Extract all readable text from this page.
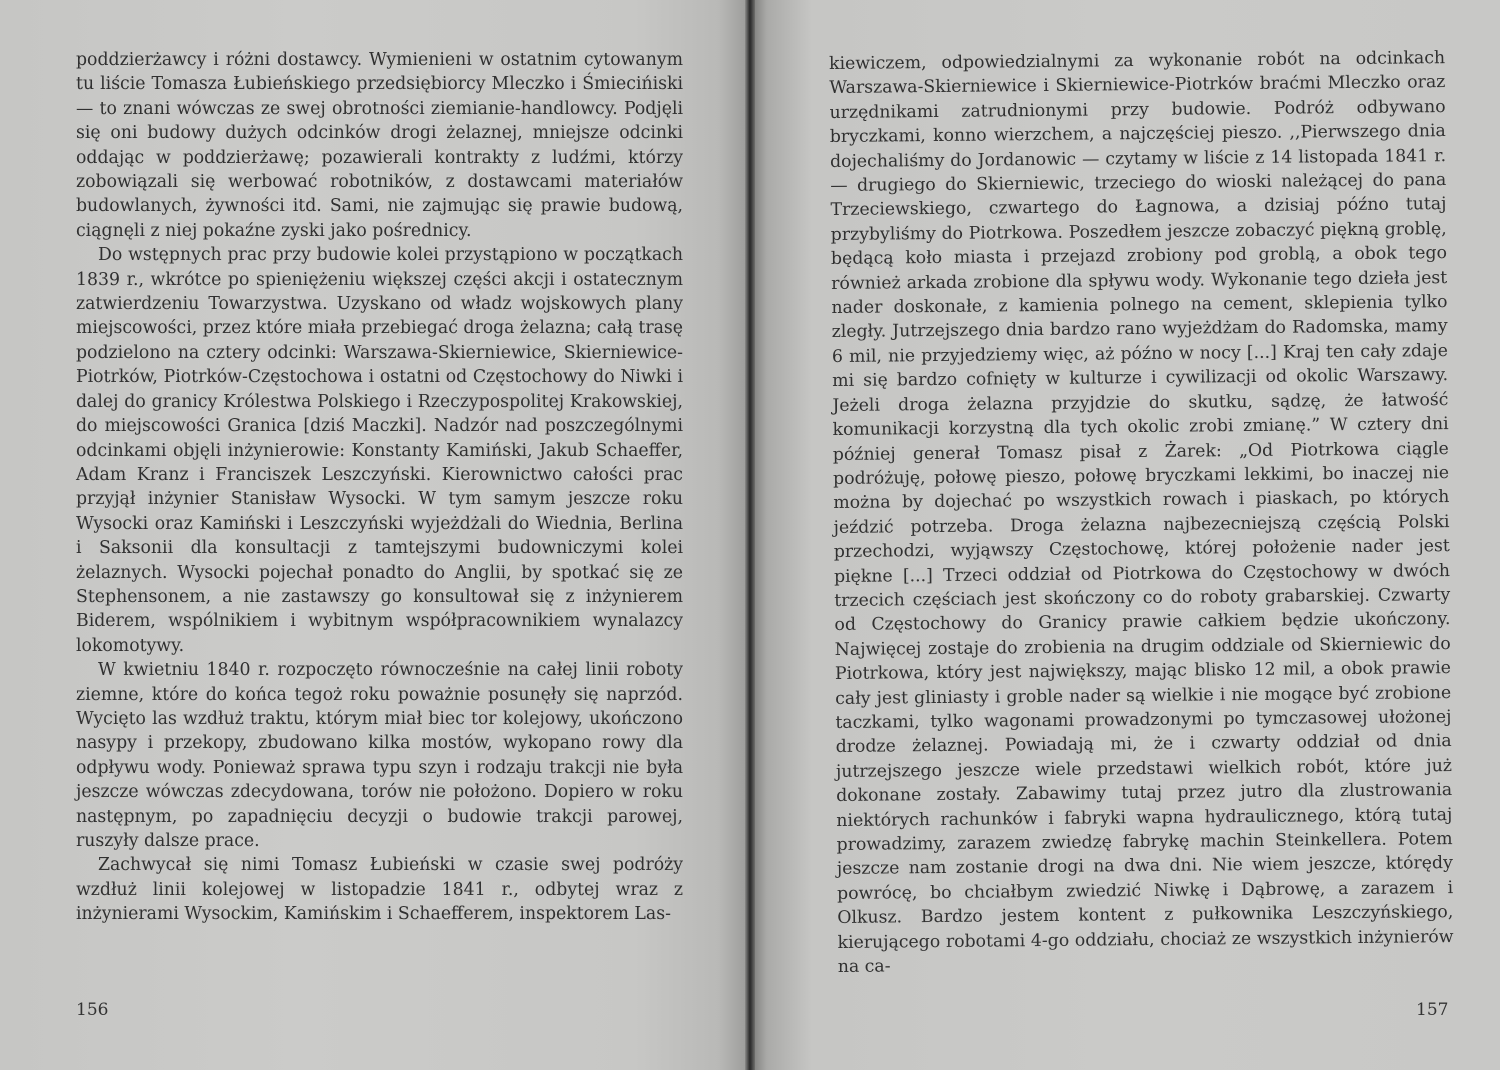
poddzierżawcy i różni dostawcy. Wymienieni w ostatnim cytowanym tu liście Tomasza Łubieńskiego przedsiębiorcy Mleczko i Śmiecińiski — to znani wówczas ze swej obrotności ziemianie-handlowcy. Podjęli się oni budowy dużych odcinków drogi żelaznej, mniejsze odcinki oddając w poddzierżawę; pozawierali kontrakty z ludźmi, którzy zobowiązali się werbować robotników, z dostawcami materiałów budowlanych, żywności itd. Sami, nie zajmując się prawie budową, ciągnęli z niej pokaźne zyski jako pośrednicy.

Do wstępnych prac przy budowie kolei przystąpiono w początkach 1839 r., wkrótce po spieniężeniu większej części akcji i ostatecznym zatwierdzeniu Towarzystwa. Uzyskano od władz wojskowych plany miejscowości, przez które miała przebiegać droga żelazna; całą trasę podzielono na cztery odcinki: Warszawa-Skierniewice, Skierniewice-Piotrków, Piotrków-Częstochowa i ostatni od Częstochowy do Niwki i dalej do granicy Królestwa Polskiego i Rzeczypospolitej Krakowskiej, do miejscowości Granica [dziś Maczki]. Nadzór nad poszczególnymi odcinkami objęli inżynierowie: Konstanty Kamiński, Jakub Schaeffer, Adam Kranz i Franciszek Leszczyński. Kierownictwo całości prac przyjął inżynier Stanisław Wysocki. W tym samym jeszcze roku Wysocki oraz Kamiński i Leszczyński wyjeżdżali do Wiednia, Berlina i Saksonii dla konsultacji z tamtejszymi budowniczymi kolei żelaznych. Wysocki pojechał ponadto do Anglii, by spotkać się ze Stephensonem, a nie zastawszy go konsultował się z inżynierem Biderem, wspólnikiem i wybitnym współpracownikiem wynalazcy lokomotywy.

W kwietniu 1840 r. rozpoczęto równocześnie na całej linii roboty ziemne, które do końca tegoż roku poważnie posunęły się naprzód. Wycięto las wzdłuż traktu, którym miał biec tor kolejowy, ukończono nasypy i przekopy, zbudowano kilka mostów, wykopano rowy dla odpływu wody. Ponieważ sprawa typu szyn i rodzaju trakcji nie była jeszcze wówczas zdecydowana, torów nie położono. Dopiero w roku następnym, po zapadnięciu decyzji o budowie trakcji parowej, ruszyły dalsze prace.

Zachwycał się nimi Tomasz Łubieński w czasie swej podróży wzdłuż linii kolejowej w listopadzie 1841 r., odbytej wraz z inżynierami Wysockim, Kamińskim i Schaefferem, inspektorem Las-

156

kiewiczem, odpowiedzialnymi za wykonanie robót na odcinkach Warszawa-Skierniewice i Skierniewice-Piotrków braćmi Mleczko oraz urzędnikami zatrudnionymi przy budowie. Podróż odbywano bryczkami, konno wierzchem, a najczęściej pieszo. ,,Pierwszego dnia dojechaliśmy do Jordanowic — czytamy w liście z 14 listopada 1841 r. — drugiego do Skierniewic, trzeciego do wioski należącej do pana Trzeciewskiego, czwartego do Łagnowa, a dzisiaj późno tutaj przybyliśmy do Piotrkowa. Poszedłem jeszcze zobaczyć piękną groblę, będącą koło miasta i przejazd zrobiony pod groblą, a obok tego również arkada zrobione dla spływu wody. Wykonanie tego dzieła jest nader doskonałe, z kamienia polnego na cement, sklepienia tylko zległy. Jutrzejszego dnia bardzo rano wyjeżdżam do Radomska, mamy 6 mil, nie przyjedziemy więc, aż późno w nocy [...] Kraj ten cały zdaje mi się bardzo cofnięty w kulturze i cywilizacji od okolic Warszawy. Jeżeli droga żelazna przyjdzie do skutku, sądzę, że łatwość komunikacji korzystną dla tych okolic zrobi zmianę.” W cztery dni później generał Tomasz pisał z Żarek: „Od Piotrkowa ciągle podróżuję, połowę pieszo, połowę bryczkami lekkimi, bo inaczej nie można by dojechać po wszystkich rowach i piaskach, po których jeździć potrzeba. Droga żelazna najbezecniejszą częścią Polski przechodzi, wyjąwszy Częstochowę, której położenie nader jest piękne [...] Trzeci oddział od Piotrkowa do Częstochowy w dwóch trzecich częściach jest skończony co do roboty grabarskiej. Czwarty od Częstochowy do Granicy prawie całkiem będzie ukończony. Najwięcej zostaje do zrobienia na drugim oddziale od Skierniewic do Piotrkowa, który jest największy, mając blisko 12 mil, a obok prawie cały jest gliniasty i groble nader są wielkie i nie mogące być zrobione taczkami, tylko wagonami prowadzonymi po tymczasowej ułożonej drodze żelaznej. Powiadają mi, że i czwarty oddział od dnia jutrzejszego jeszcze wiele przedstawi wielkich robót, które już dokonane zostały. Zabawimy tutaj przez jutro dla zlustrowania niektórych rachunków i fabryki wapna hydraulicznego, którą tutaj prowadzimy, zarazem zwiedzę fabrykę machin Steinkellera. Potem jeszcze nam zostanie drogi na dwa dni. Nie wiem jeszcze, którędy powrócę, bo chciałbym zwiedzić Niwkę i Dąbrowę, a zarazem i Olkusz. Bardzo jestem kontent z pułkownika Leszczyńskiego, kierującego robotami 4-go oddziału, chociaż ze wszystkich inżynierów na ca-

157
